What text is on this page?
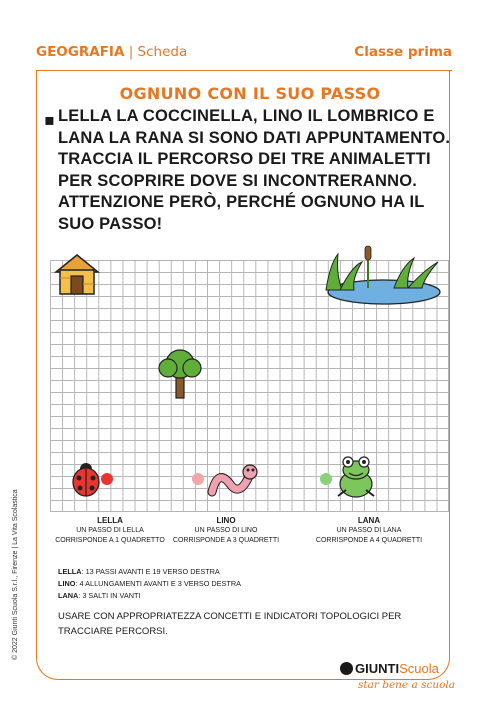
GEOGRAFIA | Scheda	Classe prima
OGNUNO CON IL SUO PASSO
▪ LELLA LA COCCINELLA, LINO IL LOMBRICO E LANA LA RANA SI SONO DATI APPUNTAMENTO. TRACCIA IL PERCORSO DEI TRE ANIMALETTI PER SCOPRIRE DOVE SI INCONTRERANNO. ATTENZIONE PERÒ, PERCHÉ OGNUNO HA IL SUO PASSO!

LELLA
UN PASSO DI LELLA CORRISPONDE A 1 QUADRETTO
LINO
UN PASSO DI LINO CORRISPONDE A 3 QUADRETTI
LANA
UN PASSO DI LANA CORRISPONDE A 4 QUADRETTI
LELLA: 13 PASSI AVANTI E 19 VERSO DESTRA
LINO: 4 ALLUNGAMENTI AVANTI E 3 VERSO DESTRA
LANA: 3 SALTI IN VANTI
USARE CON APPROPRIATEZZA CONCETTI E INDICATORI TOPOLOGICI PER TRACCIARE PERCORSI.
© 2022 Giunti Scuola S.r.l., Firenze | La Vita Scolastica
GIUNTIScuola
star bene a scuola
